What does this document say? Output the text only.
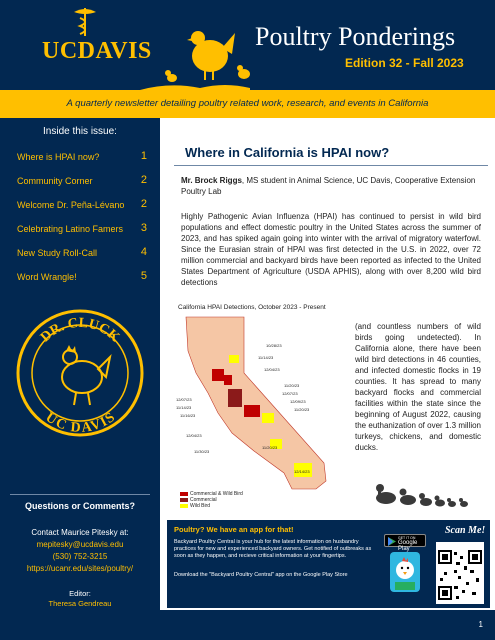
UCDAVIS	Poultry Ponderings
Edition 32 - Fall 2023
A quarterly newsletter detailing poultry related work, research, and events in California
Inside this issue:
Where is HPAI now?	1
Community Corner	2
Welcome Dr. Peña-Lévano 2
Celebrating Latino Famers 3
New Study Roll-Call	4
Word Wrangle!	5
DR. CLUCK
UC DAVIS
Questions or Comments?
Contact Maurice Pitesky at:
mepitesky@ucdavis.edu
(530) 752-3215
https://ucanr.edu/sites/poultry/
Editor:
Theresa Gendreau
Where in California is HPAI now?
Mr. Brock Riggs, MS student in Animal Science, UC Davis, Cooperative Extension Poultry Lab
Highly Pathogenic Avian Influenza (HPAI) has continued to persist in wild bird populations and effect domestic poultry in the United States across the summer of 2023, and has spiked again going into winter with the arrival of migratory waterfowl. Since the Eurasian strain of HPAI was first detected in the U.S. in 2022, over 72 million commercial and backyard birds have been reported as infected to the United States Department of Agriculture (USDA APHIS), along with over 8,200 wild bird detections
California HPAI Detections, October 2023 - Present
10/28/23
11/14/23
12/04/23
12/07/23
11/14/23
11/20/23
12/07/23
11/16/23
12/09/23
11/20/23
12/04/23
11/30/23
11/20/23
12/14/23
Commercial & Wild Bird
Commercial
Wild Bird
(and countless numbers of wild birds going undetected). In California alone, there have been wild bird detections in 46 counties, and infected domestic flocks in 19 counties. It has spread to many backyard flocks and commercial facilities within the state since the beginning of August 2022, causing the euthanization of over 1.3 million turkeys, chickens, and domestic ducks.
Poultry? We have an app for that!
Backyard Poultry Central is your hub for the latest information on husbandry practices for new and experienced backyard owners. Get notified of outbreaks as soon as they happen, and recieve critical information at your fingertips.
Download the "Backyard Poultry Central" app on the Google Play Store
GET IT ON
Google Play
Scan Me!
1
